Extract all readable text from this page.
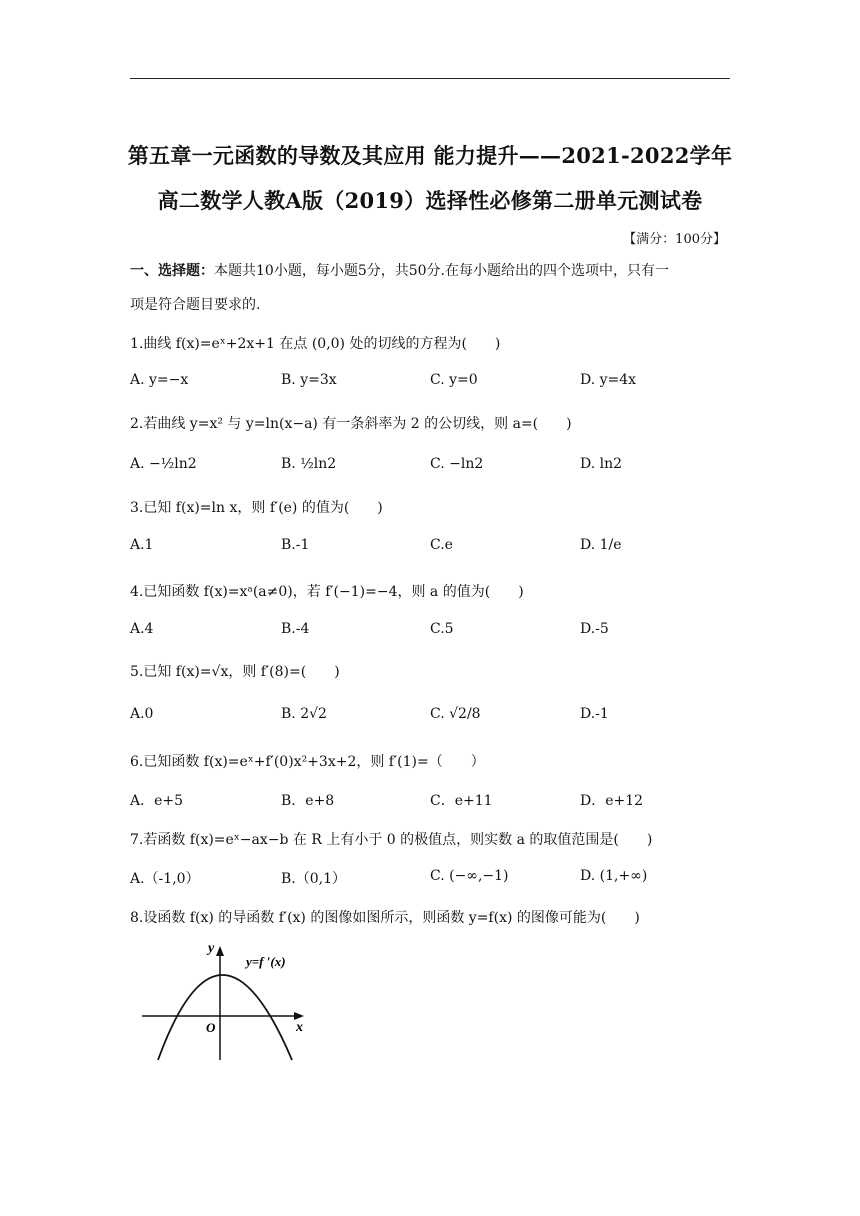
第五章一元函数的导数及其应用 能力提升——2021-2022学年
高二数学人教A版（2019）选择性必修第二册单元测试卷
【满分：100分】
一、选择题：本题共10小题，每小题5分，共50分.在每小题给出的四个选项中，只有一
项是符合题目要求的.
1.曲线 f(x)=eˣ+2x+1 在点 (0,0) 处的切线的方程为(　　)
A. y=−x	B. y=3x	C. y=0	D. y=4x
2.若曲线 y=x² 与 y=ln(x−a) 有一条斜率为 2 的公切线，则 a=(　　)
A. −½ln2	B. ½ln2	C. −ln2	D. ln2
3.已知 f(x)=ln x，则 f′(e) 的值为(　　)
A.1	B.-1	C.e	D. 1/e
4.已知函数 f(x)=xᵃ(a≠0)，若 f′(−1)=−4，则 a 的值为(　　)
A.4	B.-4	C.5	D.-5
5.已知 f(x)=√x，则 f′(8)=(　　)
A.0	B. 2√2	C. √2/8	D.-1
6.已知函数 f(x)=eˣ+f′(0)x²+3x+2，则 f′(1)=（　　）
A．e+5	B．e+8	C．e+11	D．e+12
7.若函数 f(x)=eˣ−ax−b 在 R 上有小于 0 的极值点，则实数 a 的取值范围是(　　)
A.（-1,0）	B.（0,1）	C. (−∞,−1)	D. (1,+∞)
8.设函数 f(x) 的导函数 f′(x) 的图像如图所示，则函数 y=f(x) 的图像可能为(　　)
y
x
O
y=f ′(x)
